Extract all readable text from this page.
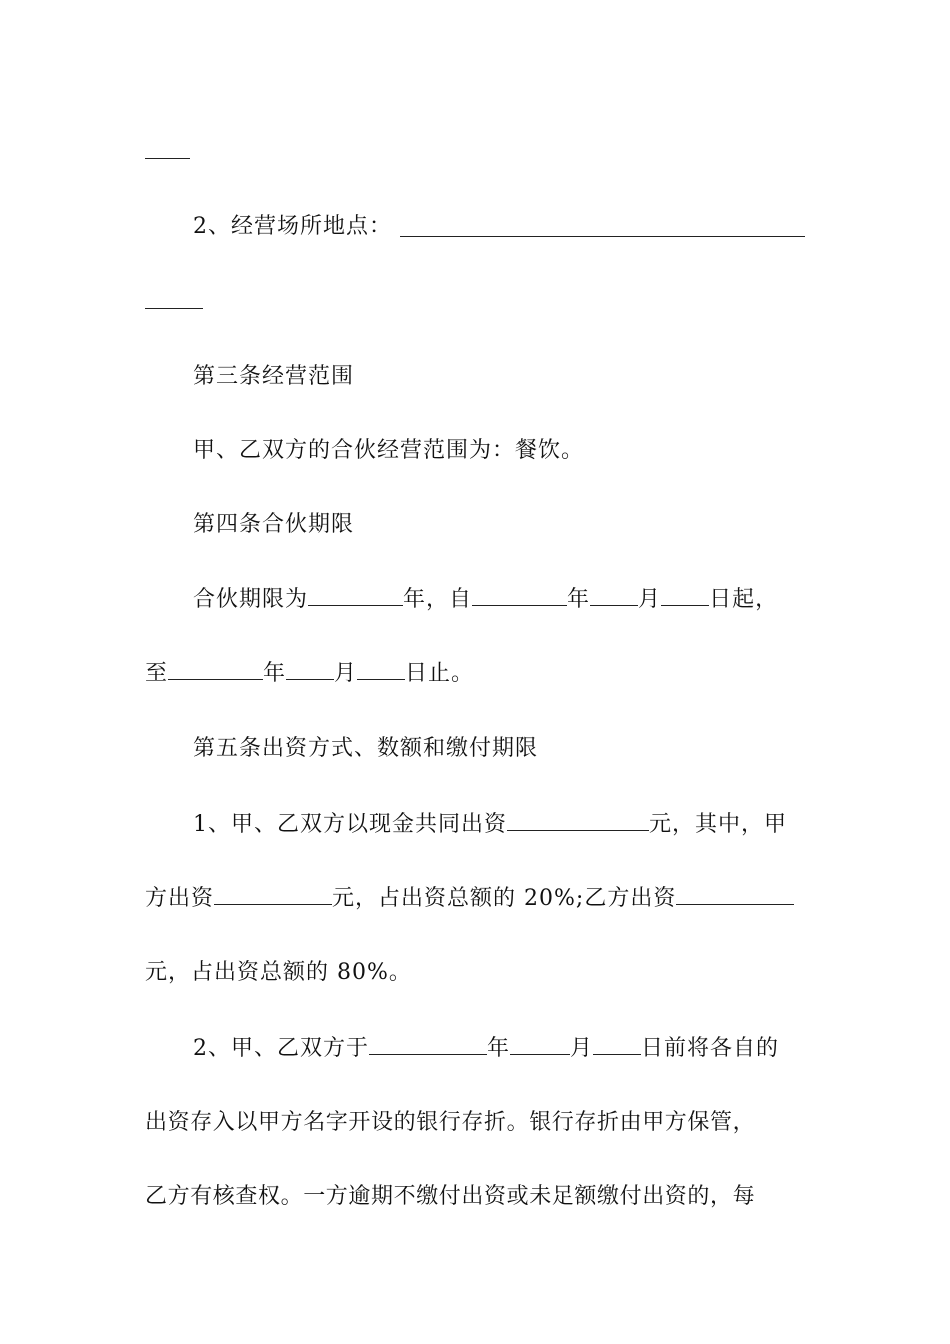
2、经营场所地点：
第三条经营范围
甲、乙双方的合伙经营范围为：餐饮。
第四条合伙期限
合伙期限为	年，自	年 月 日起，
至	年 月 日止。
第五条出资方式、数额和缴付期限
1、甲、乙双方以现金共同出资	元，其中，甲
方出资	元，占出资总额的 20%;乙方出资
元，占出资总额的 80%。
2、甲、乙双方于	年	月 日前将各自的
出资存入以甲方名字开设的银行存折。银行存折由甲方保管，
乙方有核查权。一方逾期不缴付出资或未足额缴付出资的，每
